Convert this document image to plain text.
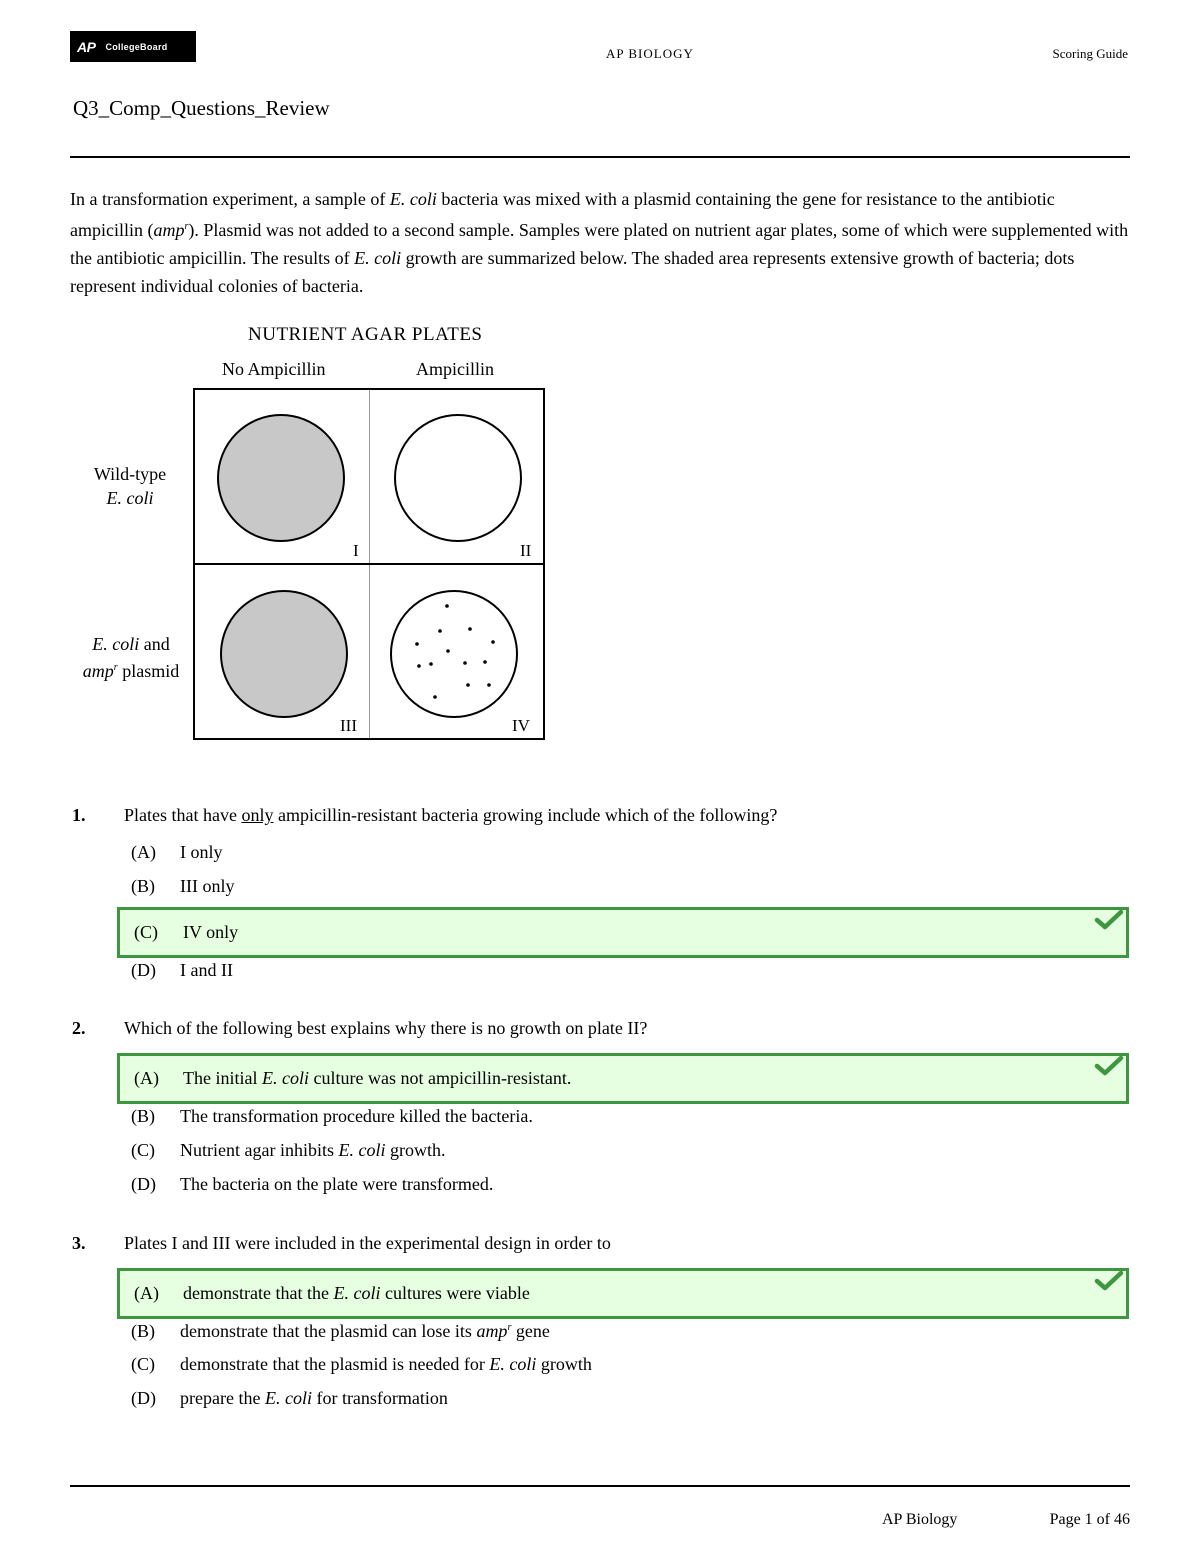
AP CollegeBoard	AP BIOLOGY	Scoring Guide
Q3_Comp_Questions_Review

In a transformation experiment, a sample of E. coli bacteria was mixed with a plasmid containing the gene for resistance to the antibiotic ampicillin (amp$^r$). Plasmid was not added to a second sample. Samples were plated on nutrient agar plates, some of which were supplemented with the antibiotic ampicillin. The results of E. coli growth are summarized below. The shaded area represents extensive growth of bacteria; dots represent individual colonies of bacteria.

NUTRIENT AGAR PLATES
No Ampicillin	Ampicillin
Wild-type
E. coli
E. coli and
amp$^r$ plasmid
I	II
III	IV
1. Plates that have only ampicillin-resistant bacteria growing include which of the following?
(A) I only
(B) III only
(C) IV only
(D) I and II
2. Which of the following best explains why there is no growth on plate II?
(A) The initial E. coli culture was not ampicillin-resistant.
(B) The transformation procedure killed the bacteria.
(C) Nutrient agar inhibits E. coli growth.
(D) The bacteria on the plate were transformed.
3. Plates I and III were included in the experimental design in order to
(A) demonstrate that the E. coli cultures were viable
(B) demonstrate that the plasmid can lose its amp$^r$ gene
(C) demonstrate that the plasmid is needed for E. coli growth
(D) prepare the E. coli for transformation
AP Biology	Page 1 of 46
